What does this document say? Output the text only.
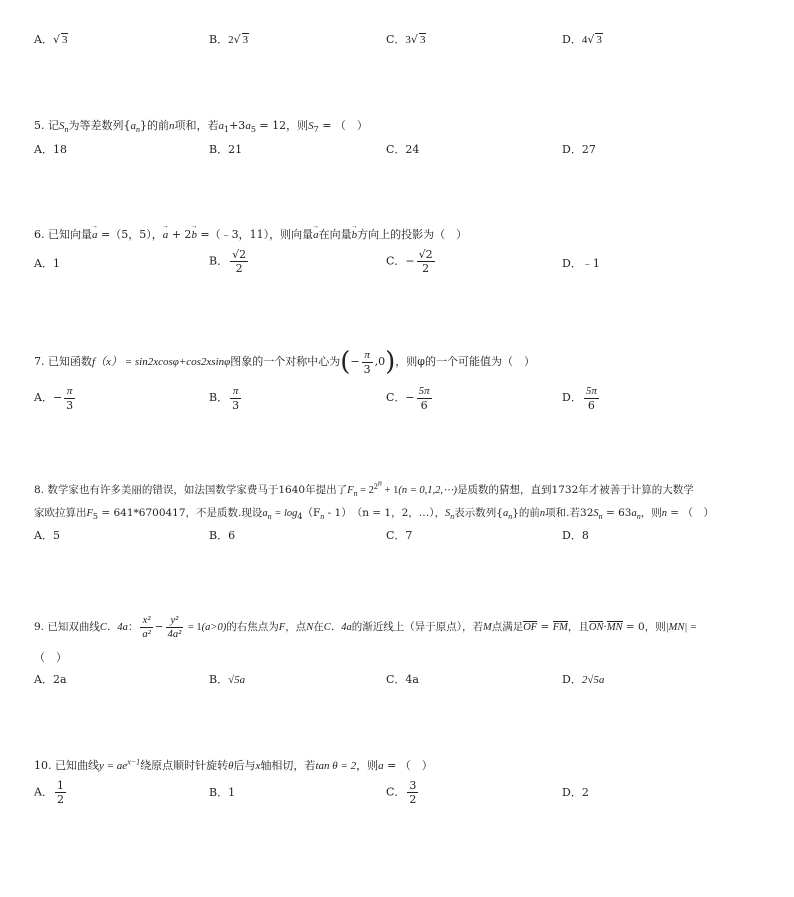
A．√ 3	B．2√ 3	C．3√ 3	D．4√ 3
5. 记$S_n$为等差数列$\{a_n\}$的前n项和，若$a_1+3a_5 = 12$，则$S_7$ = （　）
A．18	B．21	C．24	D．27
6. 已知向量→ a =（5，5），→ a + 2→ b =（﹣3，11），则向量→ a在向量→ b方向上的投影为（　）
A．1	B． $\frac{√2}{2}$	C．− $\frac{√2}{2}$	D．﹣1
7. 已知函数f（x） = sin2xcosφ+cos2xsinφ图象的一个对称中心为(− $\frac{\pi}{3} ,0$)，则φ的一个可能值为（　）
A．− $\frac{\pi}{3}$	B． $\frac{\pi}{3}$	C．− $\frac{5\pi}{6}$	D． $\frac{5\pi}{6}$
8. 数学家也有许多美丽的错误，如法国数学家费马于1640年提出了$F_n = 2^{2^n} + 1(n$ = 0,1,2,⋯)是质数的猜想，直到1732年才被善于计算的大数学
家欧拉算出$F_5 = 641*6700417$，不是质数.现设$a_n = \log_4(F_n - 1)$　（n = 1，2，…），$S_n$表示数列$\{a_n\}$的前n项和.若$32S_n = 63a_n$，则n = （　）
A．5	B．6	C．7	D．8
9. 已知双曲线C．4a： $\frac{\text{x²}}{\text{a²}} - \frac{\text{y²}}{\text{4a²}} = 1(a>0)$的右焦点为F，点N在C．4a的渐近线上（异于原点），若M点满足OF = FM，且ON·MN = 0，则|MN| =
（　）
A．2a	B．√5a	C．4a	D．2√5a
10. 已知曲线$y = ae^{x-1}$绕原点顺时针旋转θ后与x轴相切，若tan θ = 2，则a = （　）
A． $\frac{1}{2}$	B．1	C． $\frac{3}{2}$	D．2
